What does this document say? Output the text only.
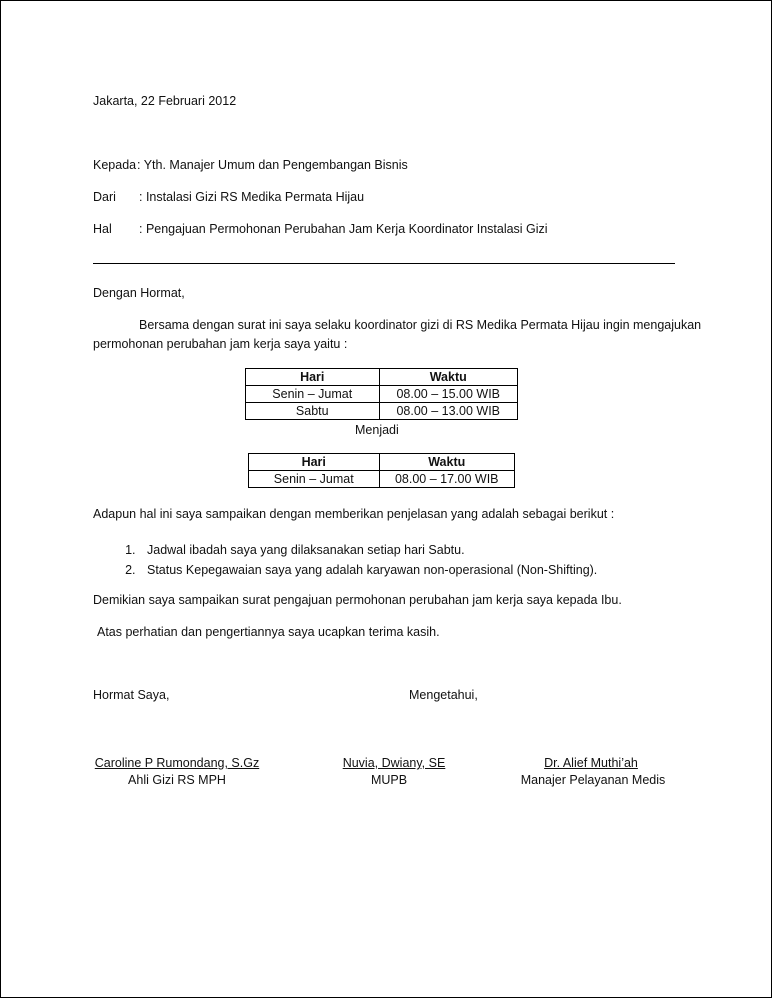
Jakarta, 22 Februari 2012
Kepada : Yth. Manajer Umum dan Pengembangan Bisnis
Dari : Instalasi Gizi RS Medika Permata Hijau
Hal : Pengajuan Permohonan Perubahan Jam Kerja Koordinator Instalasi Gizi
Dengan Hormat,
Bersama dengan surat ini saya selaku koordinator gizi di RS Medika Permata Hijau ingin mengajukan
permohonan perubahan jam kerja saya yaitu :
Hari	Waktu
Senin – Jumat	08.00 – 15.00 WIB
Sabtu	08.00 – 13.00 WIB
Menjadi
Hari	Waktu
Senin – Jumat	08.00 – 17.00 WIB
Adapun hal ini saya sampaikan dengan memberikan penjelasan yang adalah sebagai berikut :
1. Jadwal ibadah saya yang dilaksanakan setiap hari Sabtu.
2. Status Kepegawaian saya yang adalah karyawan non-operasional (Non-Shifting).
Demikian saya sampaikan surat pengajuan permohonan perubahan jam kerja saya kepada Ibu.
Atas perhatian dan pengertiannya saya ucapkan terima kasih.
Hormat Saya,	Mengetahui,
Caroline P Rumondang, S.Gz
Ahli Gizi RS MPH
Nuvia, Dwiany, SE
MUPB
Dr. Alief Muthi’ah
Manajer Pelayanan Medis
